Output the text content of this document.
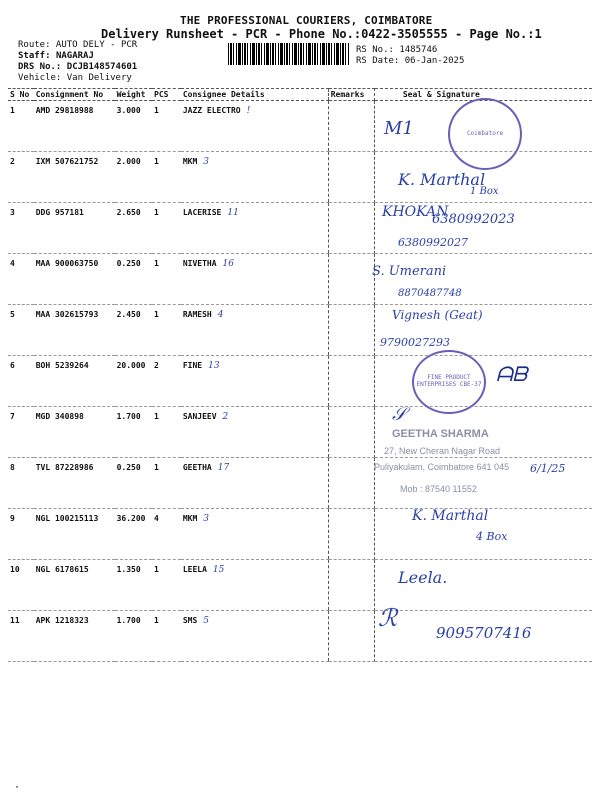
THE PROFESSIONAL COURIERS, COIMBATORE
Delivery Runsheet - PCR - Phone No.:0422-3505555 - Page No.:1
Route: AUTO DELY - PCR
Staff: NAGARAJ
DRS No.: DCJB148574601
Vehicle: Van Delivery
RS No.: 1485746
RS Date: 06-Jan-2025
S No	Consignment No	Weight	PCS	Consignee Details	Remarks	Seal & Signature
1	AMD 29818988	3.000	1	JAZZ ELECTRO !		
2	IXM 507621752	2.000	1	MKM 3		
3	DDG 957181	2.650	1	LACERISE 11		
4	MAA 900063750	0.250	1	NIVETHA 16		
5	MAA 302615793	2.450	1	RAMESH 4		
6	BOH 5239264	20.000	2	FINE 13		
7	MGD 340898	1.700	1	SANJEEV 2		
8	TVL 87228986	0.250	1	GEETHA 17		
9	NGL 100215113	36.200	4	MKM 3		
10	NGL 6178615	1.350	1	LEELA 15		
11	APK 1218323	1.700	1	SMS 5		
Coimbatore
M1
K. Marthal
1 Box
KHOKAN
6380992023
6380992027
S. Umerani
8870487748
Vignesh (Geat)
9790027293
FINE PRODUCT ENTERPRISES CBE-37 ᗩᗷ
𝒮
GEETHA SHARMA
27, New Cheran Nagar Road
Puliyakulam, Coimbatore 641 045
Mob : 87540 11552
6/1/25
K. Marthal
4 Box
Leela.
ℛ
9095707416
·
